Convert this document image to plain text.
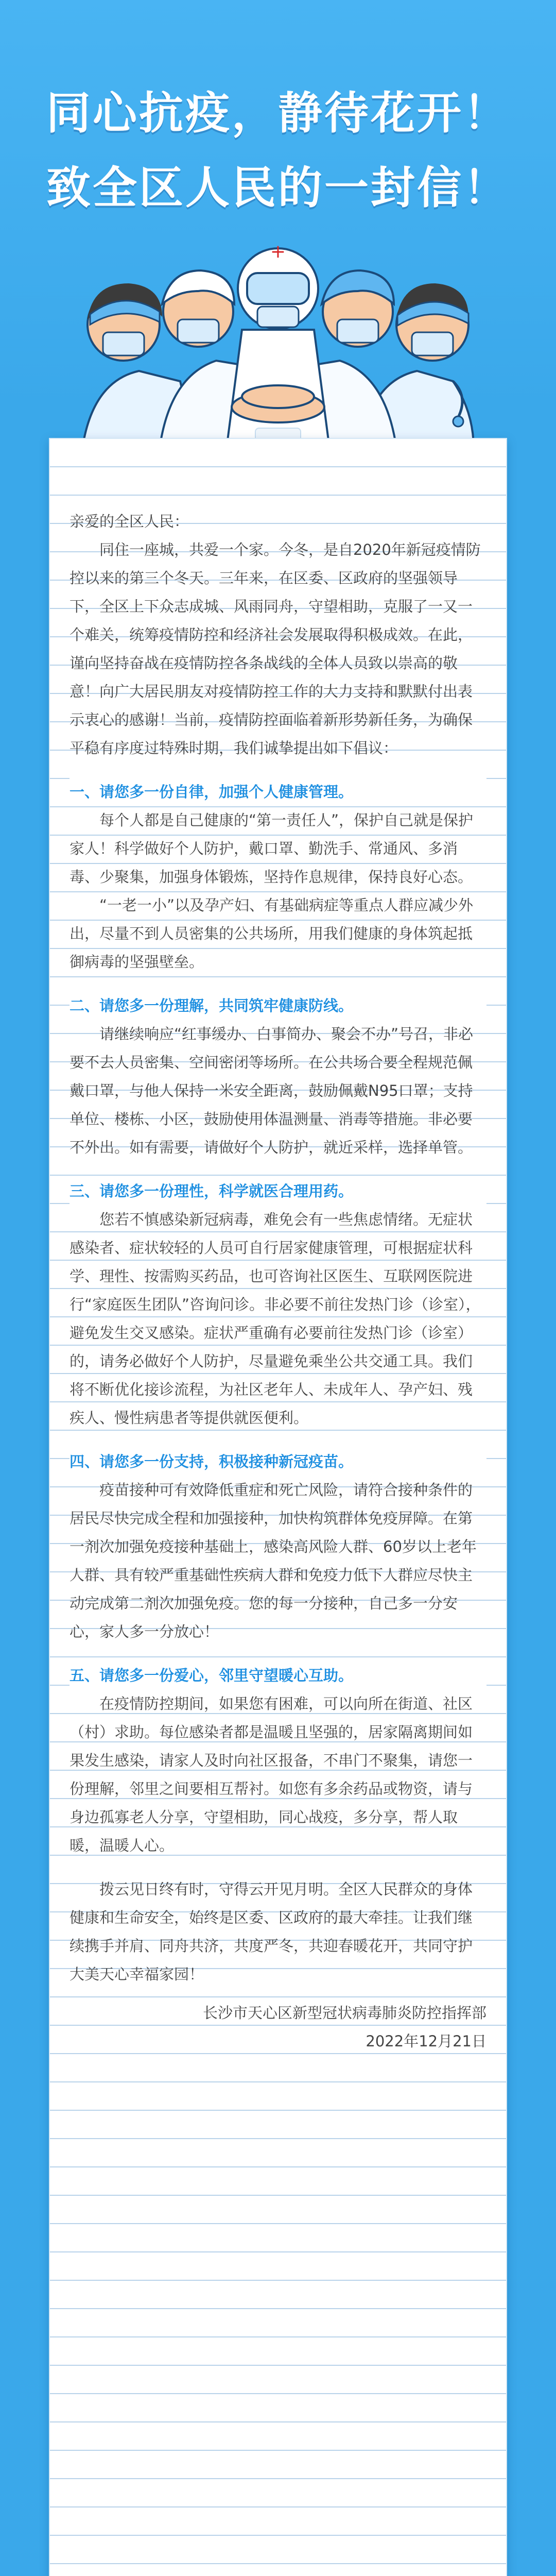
同心抗疫，静待花开！
致全区人民的一封信！
+

亲爱的全区人民：

同住一座城，共爱一个家。今冬，是自2020年新冠疫情防控以来的第三个冬天。三年来，在区委、区政府的坚强领导下，全区上下众志成城、风雨同舟，守望相助，克服了一又一个难关，统筹疫情防控和经济社会发展取得积极成效。在此，谨向坚持奋战在疫情防控各条战线的全体人员致以崇高的敬意！向广大居民朋友对疫情防控工作的大力支持和默默付出表示衷心的感谢！当前，疫情防控面临着新形势新任务，为确保平稳有序度过特殊时期，我们诚挚提出如下倡议：

一、请您多一份自律，加强个人健康管理。

每个人都是自己健康的“第一责任人”，保护自己就是保护家人！科学做好个人防护，戴口罩、勤洗手、常通风、多消毒、少聚集，加强身体锻炼，坚持作息规律，保持良好心态。

“一老一小”以及孕产妇、有基础病症等重点人群应减少外出，尽量不到人员密集的公共场所，用我们健康的身体筑起抵御病毒的坚强壁垒。

二、请您多一份理解，共同筑牢健康防线。

请继续响应“红事缓办、白事简办、聚会不办”号召，非必要不去人员密集、空间密闭等场所。在公共场合要全程规范佩戴口罩，与他人保持一米安全距离，鼓励佩戴N95口罩；支持单位、楼栋、小区，鼓励使用体温测量、消毒等措施。非必要不外出。如有需要，请做好个人防护，就近采样，选择单管。

三、请您多一份理性，科学就医合理用药。

您若不慎感染新冠病毒，难免会有一些焦虑情绪。无症状感染者、症状较轻的人员可自行居家健康管理，可根据症状科学、理性、按需购买药品，也可咨询社区医生、互联网医院进行“家庭医生团队”咨询问诊。非必要不前往发热门诊（诊室），避免发生交叉感染。症状严重确有必要前往发热门诊（诊室）的，请务必做好个人防护，尽量避免乘坐公共交通工具。我们将不断优化接诊流程，为社区老年人、未成年人、孕产妇、残疾人、慢性病患者等提供就医便利。

四、请您多一份支持，积极接种新冠疫苗。

疫苗接种可有效降低重症和死亡风险，请符合接种条件的居民尽快完成全程和加强接种，加快构筑群体免疫屏障。在第一剂次加强免疫接种基础上，感染高风险人群、60岁以上老年人群、具有较严重基础性疾病人群和免疫力低下人群应尽快主动完成第二剂次加强免疫。您的每一分接种，自己多一分安心，家人多一分放心！

五、请您多一份爱心，邻里守望暖心互助。

在疫情防控期间，如果您有困难，可以向所在街道、社区（村）求助。每位感染者都是温暖且坚强的，居家隔离期间如果发生感染，请家人及时向社区报备，不串门不聚集，请您一份理解，邻里之间要相互帮衬。如您有多余药品或物资，请与身边孤寡老人分享，守望相助，同心战疫，多分享，帮人取暖，温暖人心。

拨云见日终有时，守得云开见月明。全区人民群众的身体健康和生命安全，始终是区委、区政府的最大牵挂。让我们继续携手并肩、同舟共济，共度严冬，共迎春暖花开，共同守护大美天心幸福家园！

长沙市天心区新型冠状病毒肺炎防控指挥部

2022年12月21日
